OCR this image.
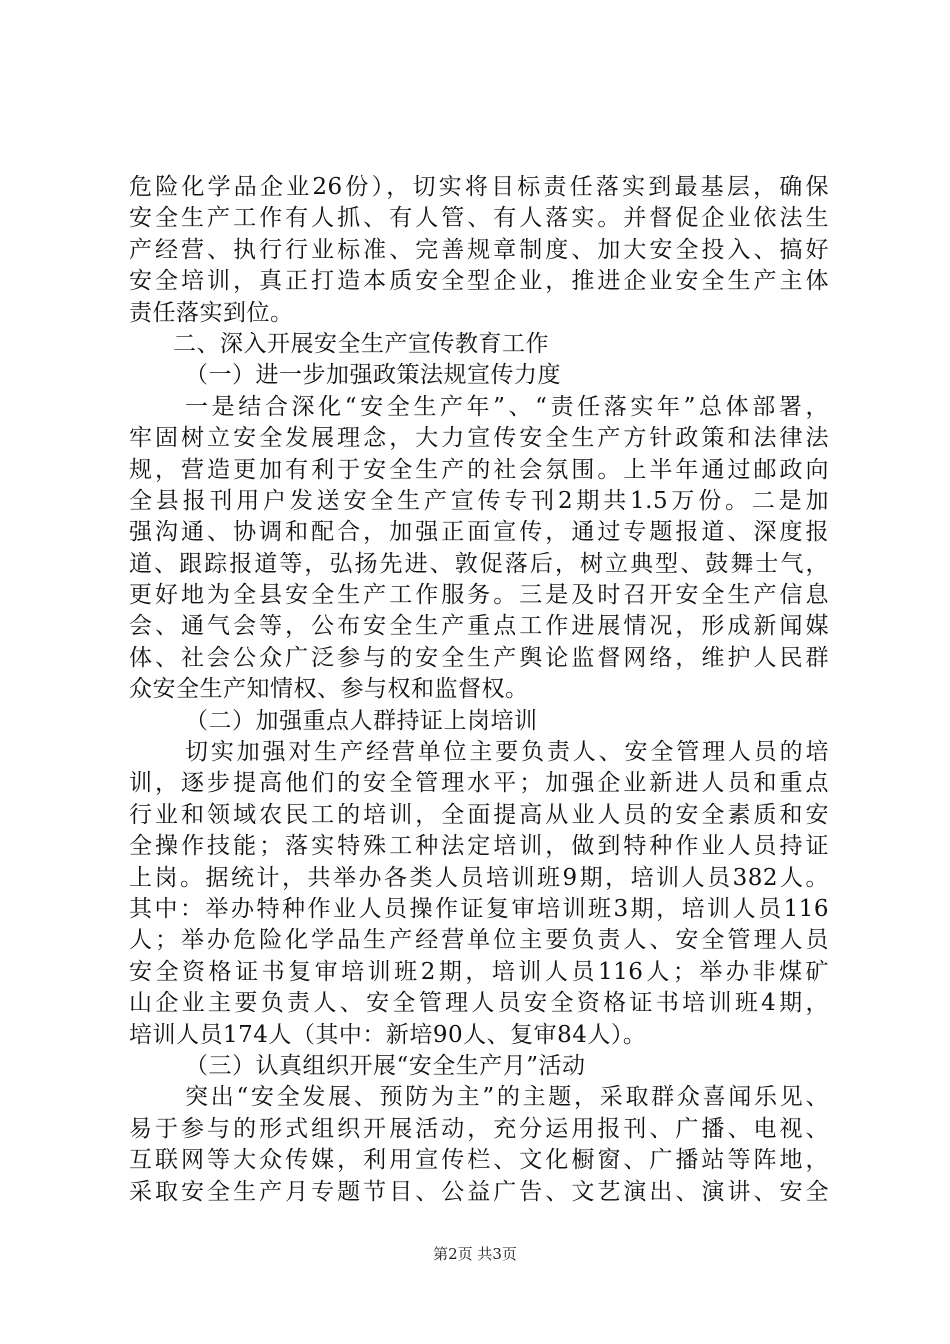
危险化学品企业26份），切实将目标责任落实到最基层，确保
安全生产工作有人抓、有人管、有人落实。并督促企业依法生
产经营、执行行业标准、完善规章制度、加大安全投入、搞好
安全培训，真正打造本质安全型企业，推进企业安全生产主体
责任落实到位。
二、深入开展安全生产宣传教育工作
（一）进一步加强政策法规宣传力度
一是结合深化“安全生产年”、“责任落实年”总体部署，
牢固树立安全发展理念，大力宣传安全生产方针政策和法律法
规，营造更加有利于安全生产的社会氛围。上半年通过邮政向
全县报刊用户发送安全生产宣传专刊2期共1.5万份。二是加
强沟通、协调和配合，加强正面宣传，通过专题报道、深度报
道、跟踪报道等，弘扬先进、敦促落后，树立典型、鼓舞士气，
更好地为全县安全生产工作服务。三是及时召开安全生产信息
会、通气会等，公布安全生产重点工作进展情况，形成新闻媒
体、社会公众广泛参与的安全生产舆论监督网络，维护人民群
众安全生产知情权、参与权和监督权。
（二）加强重点人群持证上岗培训
切实加强对生产经营单位主要负责人、安全管理人员的培
训，逐步提高他们的安全管理水平；加强企业新进人员和重点
行业和领域农民工的培训，全面提高从业人员的安全素质和安
全操作技能；落实特殊工种法定培训，做到特种作业人员持证
上岗。据统计，共举办各类人员培训班9期，培训人员382人。
其中：举办特种作业人员操作证复审培训班3期，培训人员116
人；举办危险化学品生产经营单位主要负责人、安全管理人员
安全资格证书复审培训班2期，培训人员116人；举办非煤矿
山企业主要负责人、安全管理人员安全资格证书培训班4期，
培训人员174人（其中：新培90人、复审84人）。
（三）认真组织开展“安全生产月”活动
突出“安全发展、预防为主”的主题，采取群众喜闻乐见、
易于参与的形式组织开展活动，充分运用报刊、广播、电视、
互联网等大众传媒，利用宣传栏、文化橱窗、广播站等阵地，
采取安全生产月专题节目、公益广告、文艺演出、演讲、安全
第2页 共3页
